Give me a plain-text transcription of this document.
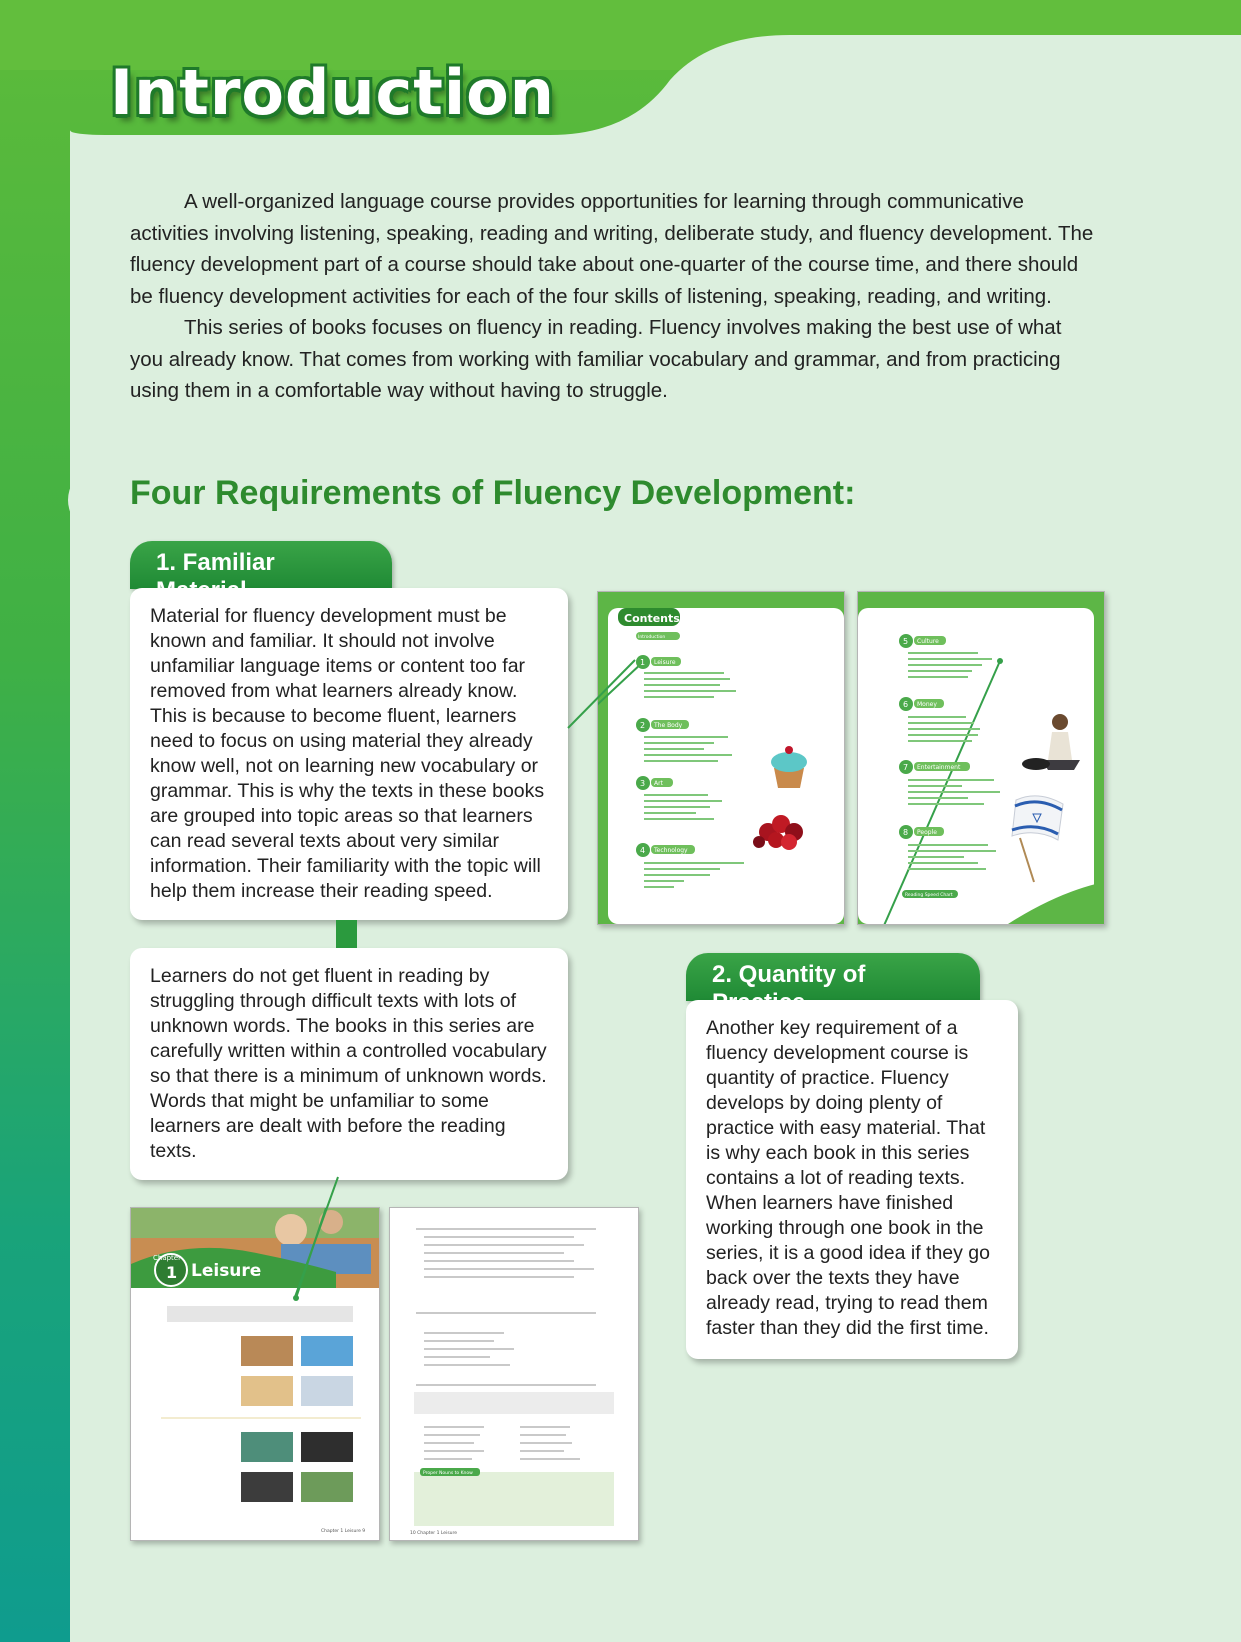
Introduction

A well-organized language course provides opportunities for learning through communicative activities involving listening, speaking, reading and writing, deliberate study, and fluency development. The fluency development part of a course should take about one-quarter of the course time, and there should be fluency development activities for each of the four skills of listening, speaking, reading, and writing.

This series of books focuses on fluency in reading. Fluency involves making the best use of what you already know. That comes from working with familiar vocabulary and grammar, and from practicing using them in a comfortable way without having to struggle.

Four Requirements of Fluency Development:
1. Familiar
Material for fluency development must be known and familiar. It should not involve unfamiliar language items or content too far removed from what learners already know. This is because to become fluent, learners need to focus on using material they already know well, not on learning new vocabulary or grammar. This is why the texts in these books are grouped into topic areas so that learners can read several texts about very similar information. Their familiarity with the topic will help them increase their reading speed.
Learners do not get fluent in reading by struggling through difficult texts with lots of unknown words. The books in this series are carefully written within a controlled vocabulary so that there is a minimum of unknown words. Words that might be unfamiliar to some learners are dealt with before the reading texts.
2. Quantity of
Another key requirement of a fluency development course is quantity of practice. Fluency develops by doing plenty of practice with easy material. That is why each book in this series contains a lot of reading texts. When learners have finished working through one book in the series, it is a good idea if they go back over the texts they have already read, trying to read them faster than they did the first time.
Contents
Introduction
1 Leisure
2 The Body
3 Art
4 Technology
5 Culture
6 Money
7 Entertainment
8 People
Reading Speed Chart
Chapter
1 Leisure
Chapter 1 Leisure 9
Proper Nouns to Know
10 Chapter 1 Leisure
